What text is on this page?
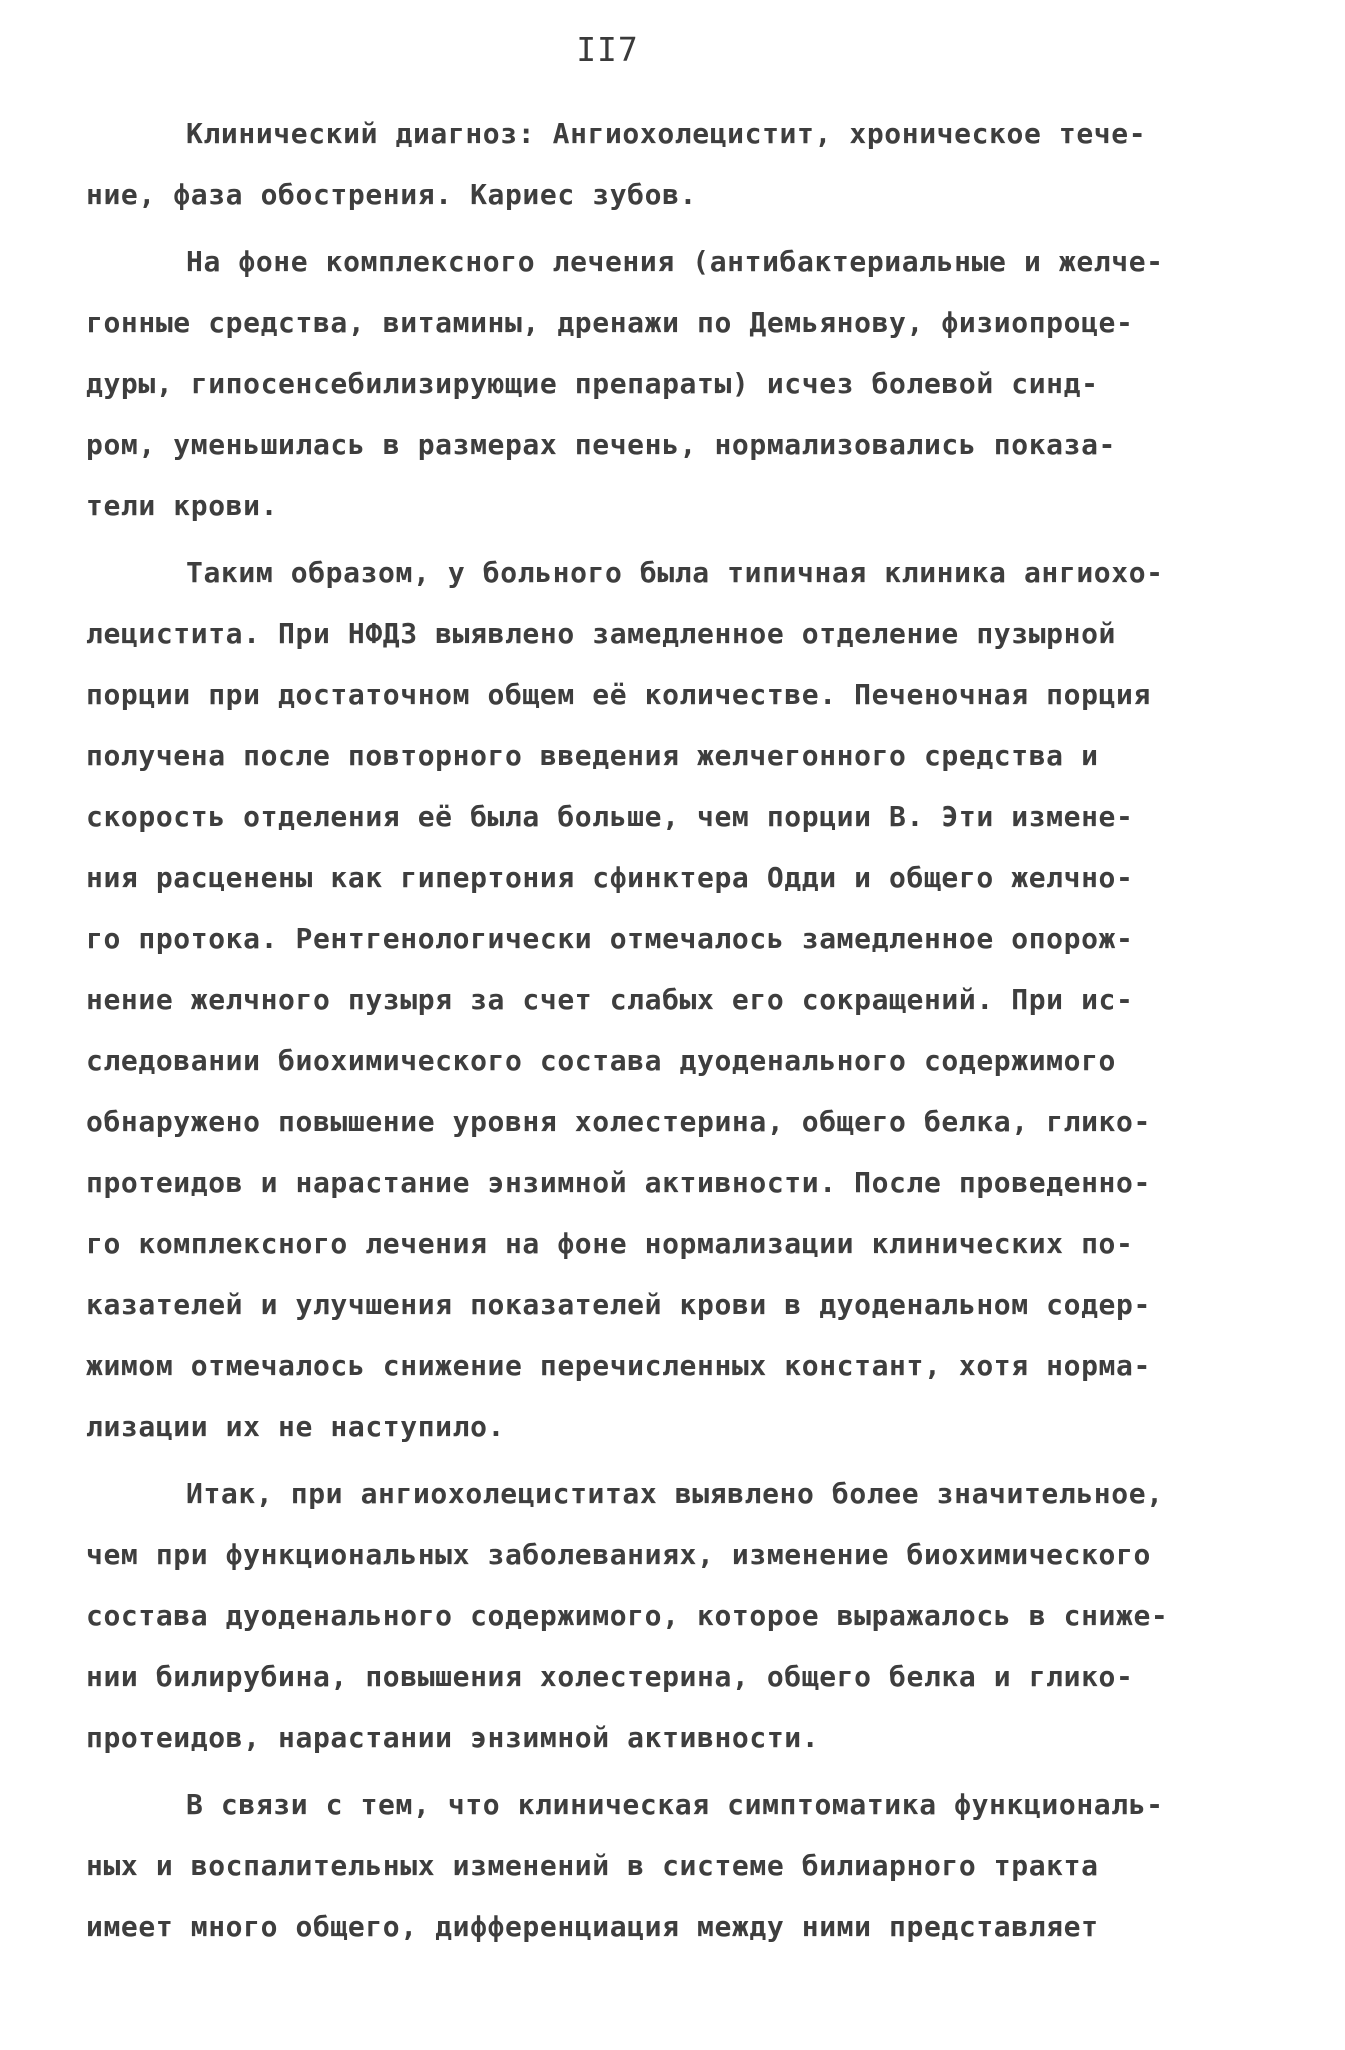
II7
Клинический диагноз: Ангиохолецистит, хроническое тече-
ние, фаза обострения. Кариес зубов.
На фоне комплексного лечения (антибактериальные и желче-
гонные средства, витамины, дренажи по Демьянову, физиопроце-
дуры, гипосенсебилизирующие препараты) исчез болевой синд-
ром, уменьшилась в размерах печень, нормализовались показа-
тели крови.
Таким образом, у больного была типичная клиника ангиохо-
лецистита. При НФДЗ выявлено замедленное отделение пузырной
порции при достаточном общем её количестве. Печеночная порция
получена после повторного введения желчегонного средства и
скорость отделения её была больше, чем порции В. Эти измене-
ния расценены как гипертония сфинктера Одди и общего желчно-
го протока. Рентгенологически отмечалось замедленное опорож-
нение желчного пузыря за счет слабых его сокращений. При ис-
следовании биохимического состава дуоденального содержимого
обнаружено повышение уровня холестерина, общего белка, глико-
протеидов и нарастание энзимной активности. После проведенно-
го комплексного лечения на фоне нормализации клинических по-
казателей и улучшения показателей крови в дуоденальном содер-
жимом отмечалось снижение перечисленных констант, хотя норма-
лизации их не наступило.
Итак, при ангиохолециститах выявлено более значительное,
чем при функциональных заболеваниях, изменение биохимического
состава дуоденального содержимого, которое выражалось в сниже-
нии билирубина, повышения холестерина, общего белка и глико-
протеидов, нарастании энзимной активности.
В связи с тем, что клиническая симптоматика функциональ-
ных и воспалительных изменений в системе билиарного тракта
имеет много общего, дифференциация между ними представляет
